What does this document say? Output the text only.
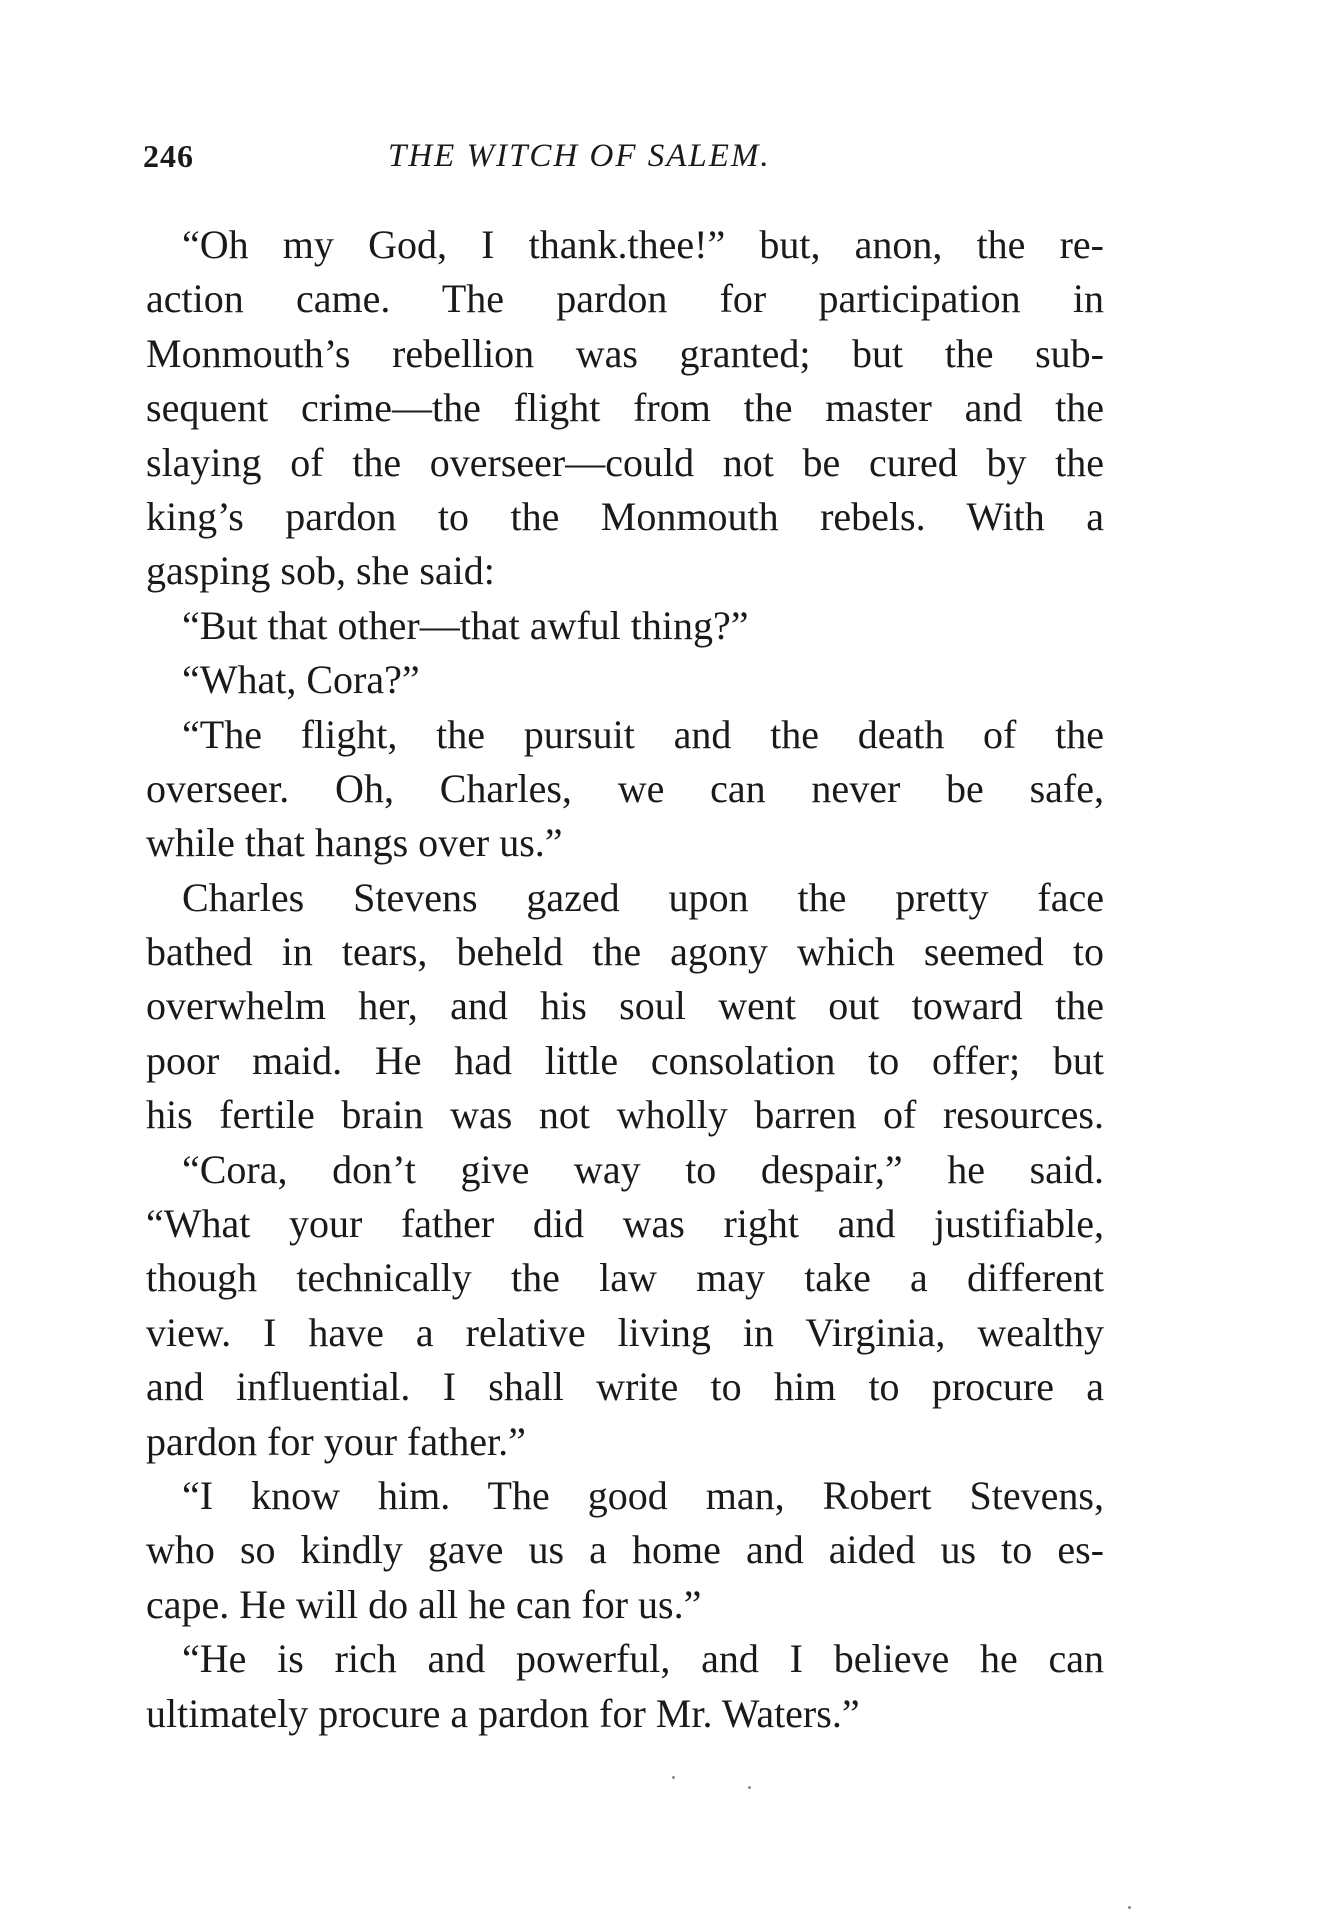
246	THE WITCH OF SALEM.
“Oh my God, I thank.thee!” but, anon, the re-
action came. The pardon for participation in
Monmouth’s rebellion was granted; but the sub-
sequent crime—the flight from the master and the
slaying of the overseer—could not be cured by the
king’s pardon to the Monmouth rebels. With a
gasping sob, she said:
“But that other—that awful thing?”
“What, Cora?”
“The flight, the pursuit and the death of the
overseer. Oh, Charles, we can never be safe,
while that hangs over us.”
Charles Stevens gazed upon the pretty face
bathed in tears, beheld the agony which seemed to
overwhelm her, and his soul went out toward the
poor maid. He had little consolation to offer; but
his fertile brain was not wholly barren of resources.
“Cora, don’t give way to despair,” he said.
“What your father did was right and justifiable,
though technically the law may take a different
view. I have a relative living in Virginia, wealthy
and influential. I shall write to him to procure a
pardon for your father.”
“I know him. The good man, Robert Stevens,
who so kindly gave us a home and aided us to es-
cape. He will do all he can for us.”
“He is rich and powerful, and I believe he can
ultimately procure a pardon for Mr. Waters.”
